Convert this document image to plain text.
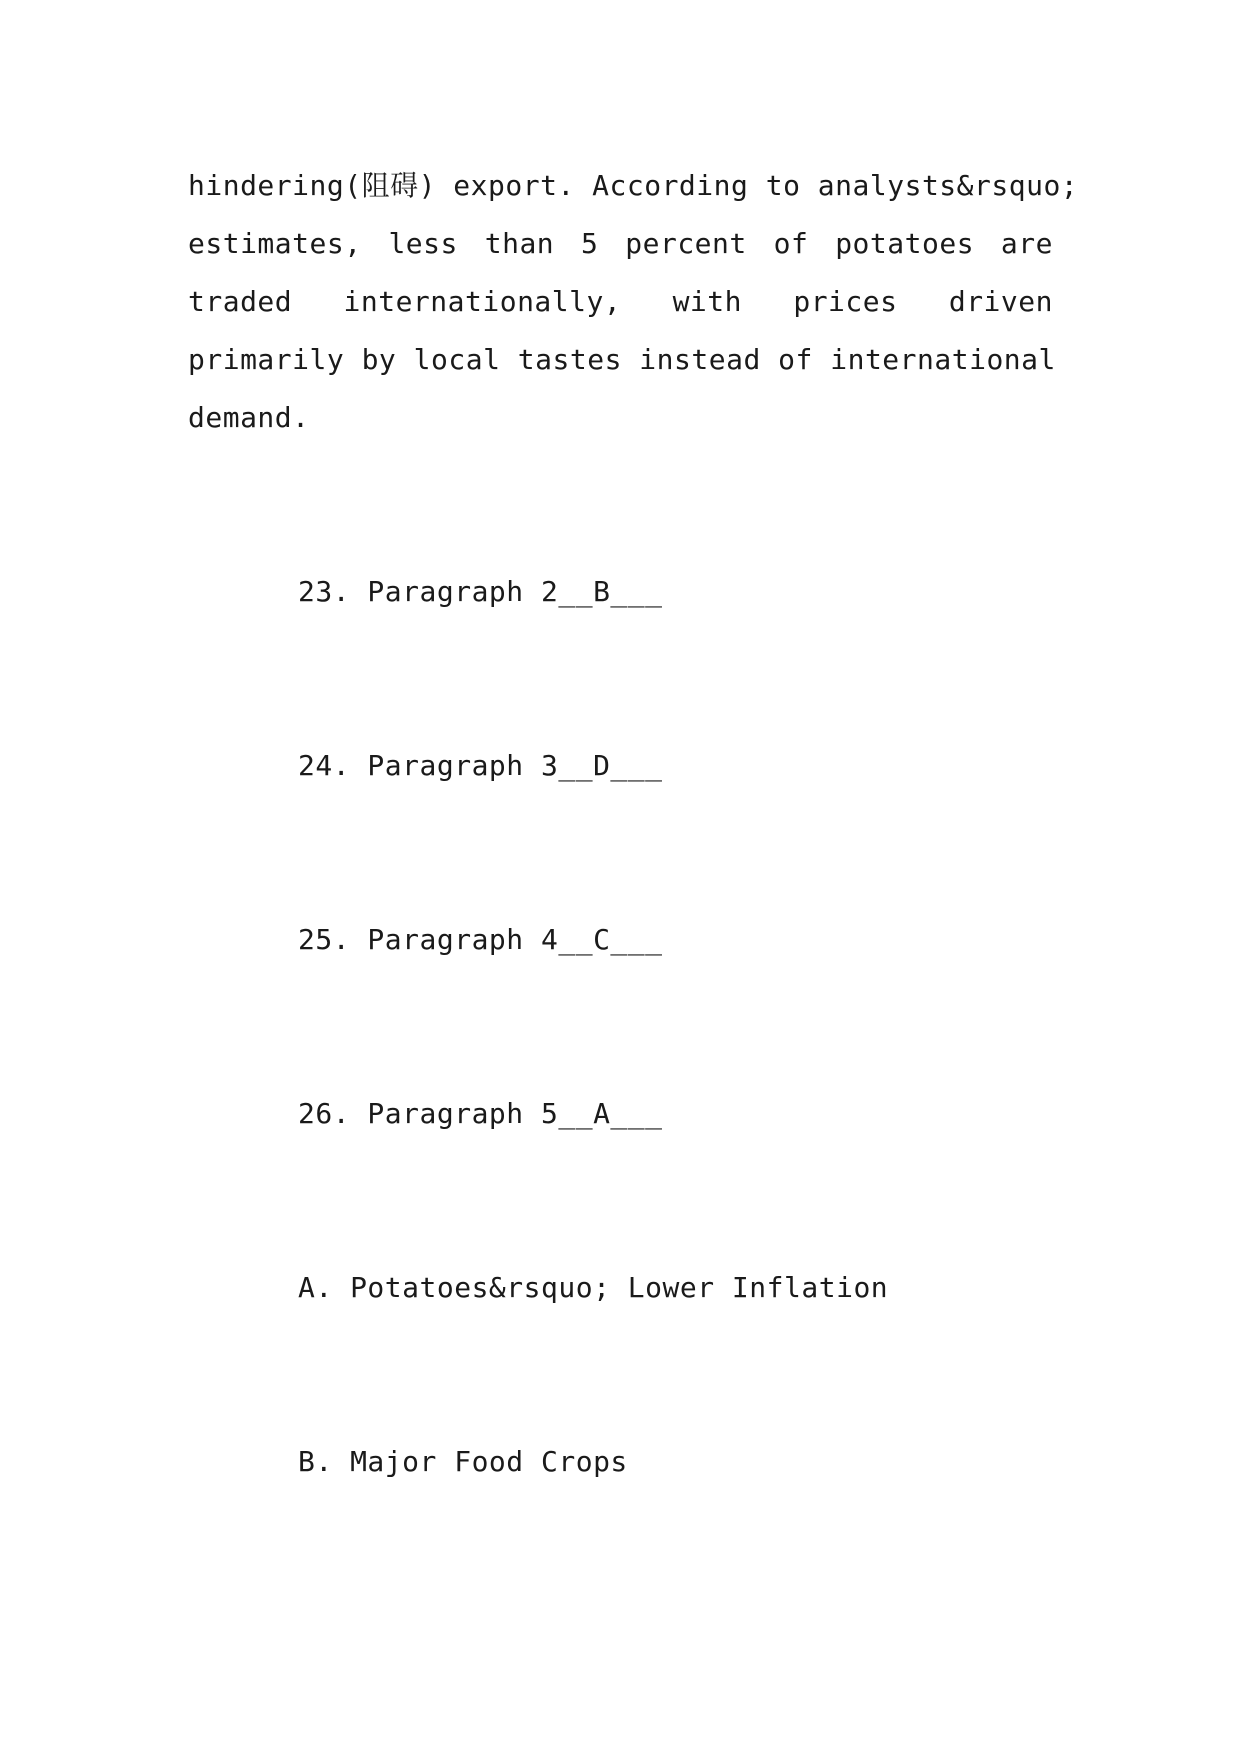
hindering(阻碍) export. According to analysts&rsquo;
estimates, less than 5 percent of potatoes are
traded internationally, with prices driven
primarily by local tastes instead of international
demand.
23. Paragraph 2__B___
24. Paragraph 3__D___
25. Paragraph 4__C___
26. Paragraph 5__A___
A. Potatoes&rsquo; Lower Inflation
B. Major Food Crops
